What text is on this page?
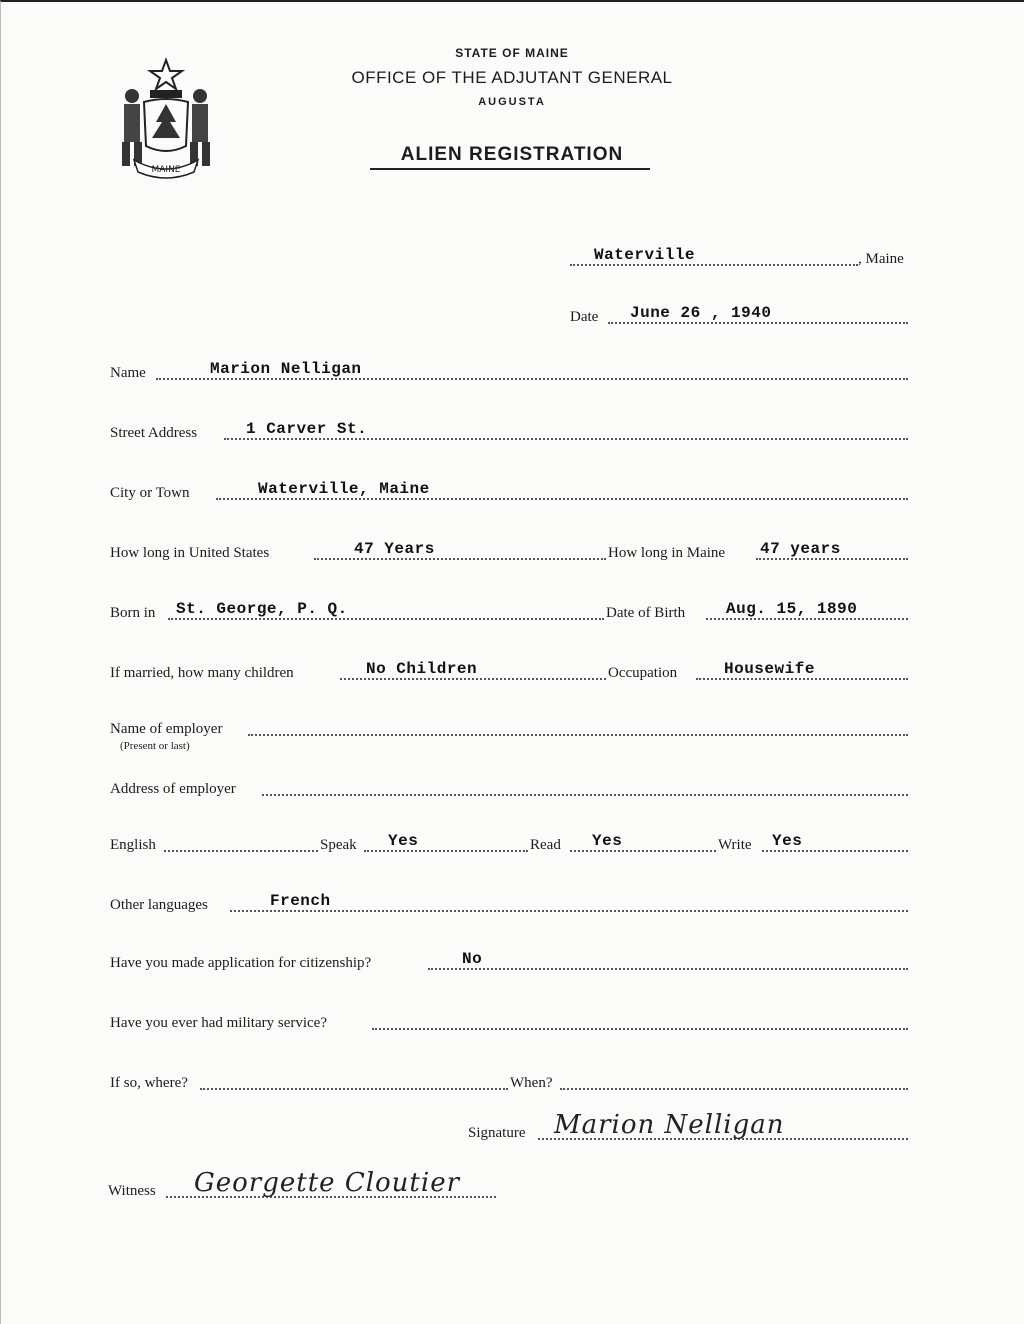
MAINE
STATE OF MAINE
OFFICE OF THE ADJUTANT GENERAL
AUGUSTA
ALIEN REGISTRATION
Waterville	, Maine
Date June 26 , 1940
Name	Marion Nelligan
Street Address	1 Carver St.
City or Town	Waterville, Maine
How long in United States	47 Years	How long in Maine 47 years
Born in St. George, P. Q.	Date of Birth	Aug. 15, 1890
If married, how many children	No Children	Occupation	Housewife
Name of employer
(Present or last)
Address of employer
English	Speak Yes	Read Yes	Write Yes
Other languages	French
Have you made application for citizenship?	No
Have you ever had military service?
If so, where?	When?
Signature Marion Nelligan
Witness Georgette Cloutier
